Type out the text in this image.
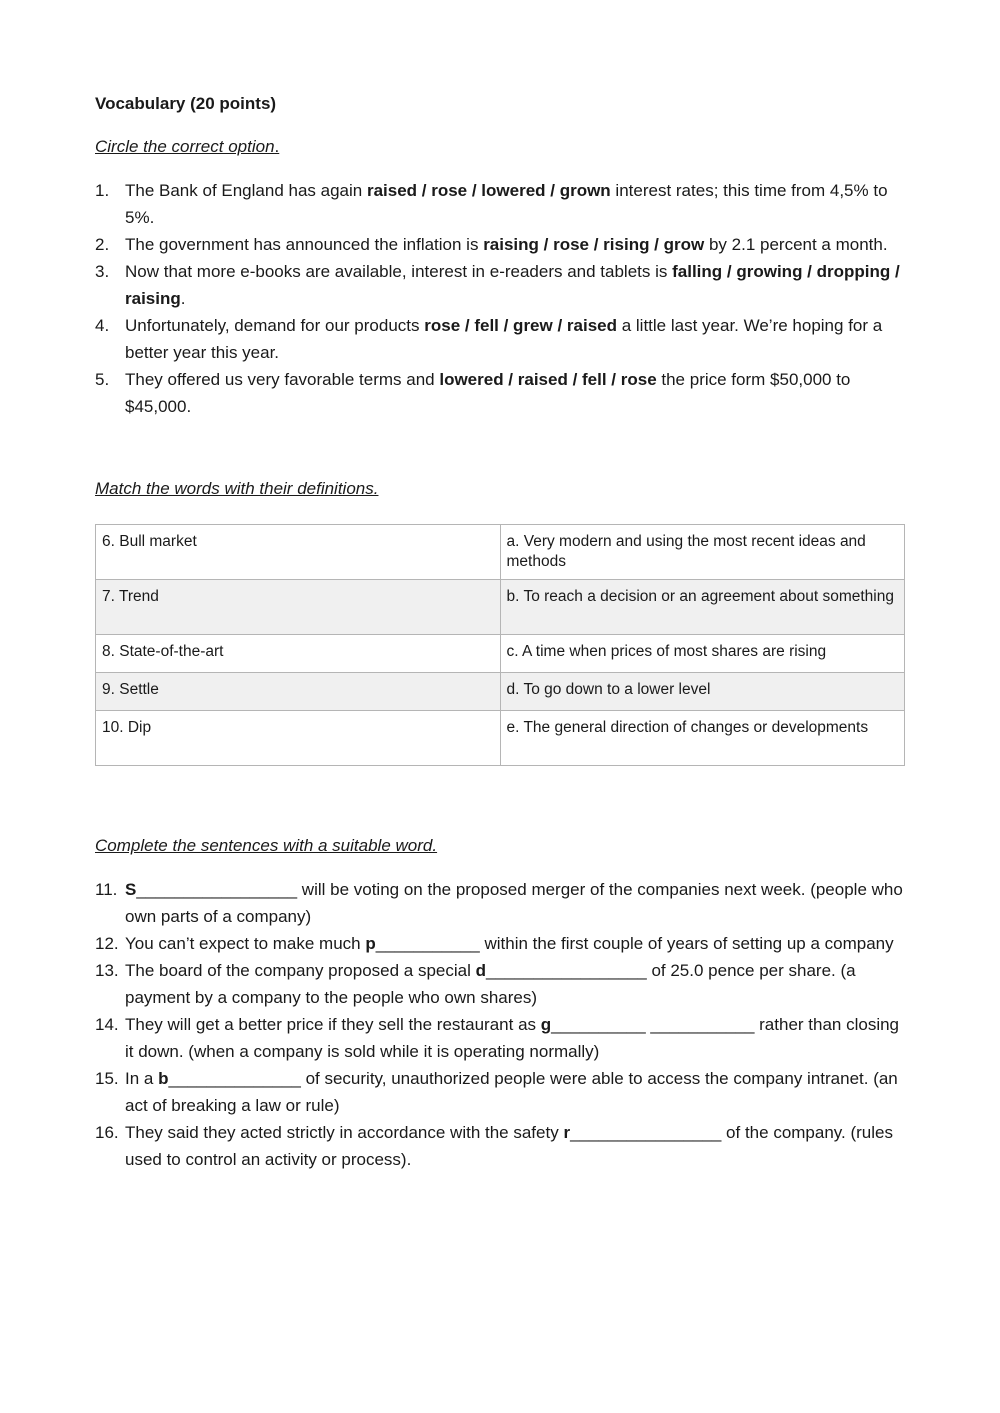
Vocabulary (20 points)
Circle the correct option.
1. The Bank of England has again raised / rose / lowered / grown interest rates; this time from 4,5% to 5%.
2. The government has announced the inflation is raising / rose / rising / grow by 2.1 percent a month.
3. Now that more e-books are available, interest in e-readers and tablets is falling / growing / dropping / raising.
4. Unfortunately, demand for our products rose / fell / grew / raised a little last year. We’re hoping for a better year this year.
5. They offered us very favorable terms and lowered / raised / fell / rose the price form $50,000 to $45,000.
Match the words with their definitions.
6. Bull market	a. Very modern and using the most recent ideas and methods
7. Trend	b. To reach a decision or an agreement about something
8. State-of-the-art	c. A time when prices of most shares are rising
9. Settle	d. To go down to a lower level
10. Dip	e. The general direction of changes or developments
Complete the sentences with a suitable word.
11. S_________________ will be voting on the proposed merger of the companies next week. (people who own parts of a company)
12. You can’t expect to make much p___________ within the first couple of years of setting up a company
13. The board of the company proposed a special d_________________ of 25.0 pence per share. (a payment by a company to the people who own shares)
14. They will get a better price if they sell the restaurant as g__________ ___________ rather than closing it down. (when a company is sold while it is operating normally)
15. In a b______________ of security, unauthorized people were able to access the company intranet. (an act of breaking a law or rule)
16. They said they acted strictly in accordance with the safety r________________ of the company. (rules used to control an activity or process).
